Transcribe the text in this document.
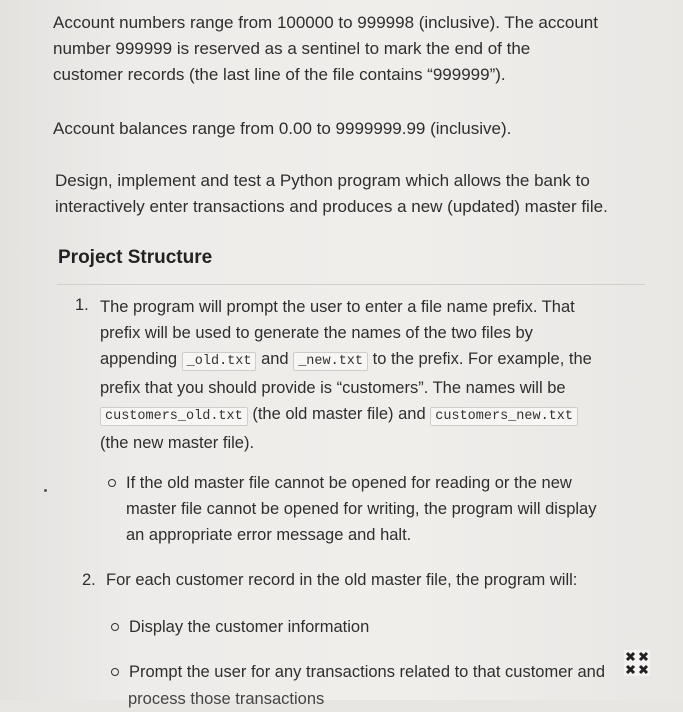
Account numbers range from 100000 to 999998 (inclusive). The account
number 999999 is reserved as a sentinel to mark the end of the
customer records (the last line of the file contains “999999”).
Account balances range from 0.00 to 9999999.99 (inclusive).
Design, implement and test a Python program which allows the bank to
interactively enter transactions and produces a new (updated) master file.
Project Structure
1. The program will prompt the user to enter a file name prefix. That
prefix will be used to generate the names of the two files by
appending _old.txt and _new.txt to the prefix. For example, the
prefix that you should provide is “customers”. The names will be
customers_old.txt (the old master file) and customers_new.txt
(the new master file).
If the old master file cannot be opened for reading or the new
master file cannot be opened for writing, the program will display
an appropriate error message and halt.
2. For each customer record in the old master file, the program will:
Display the customer information
Prompt the user for any transactions related to that customer and
process those transactions
